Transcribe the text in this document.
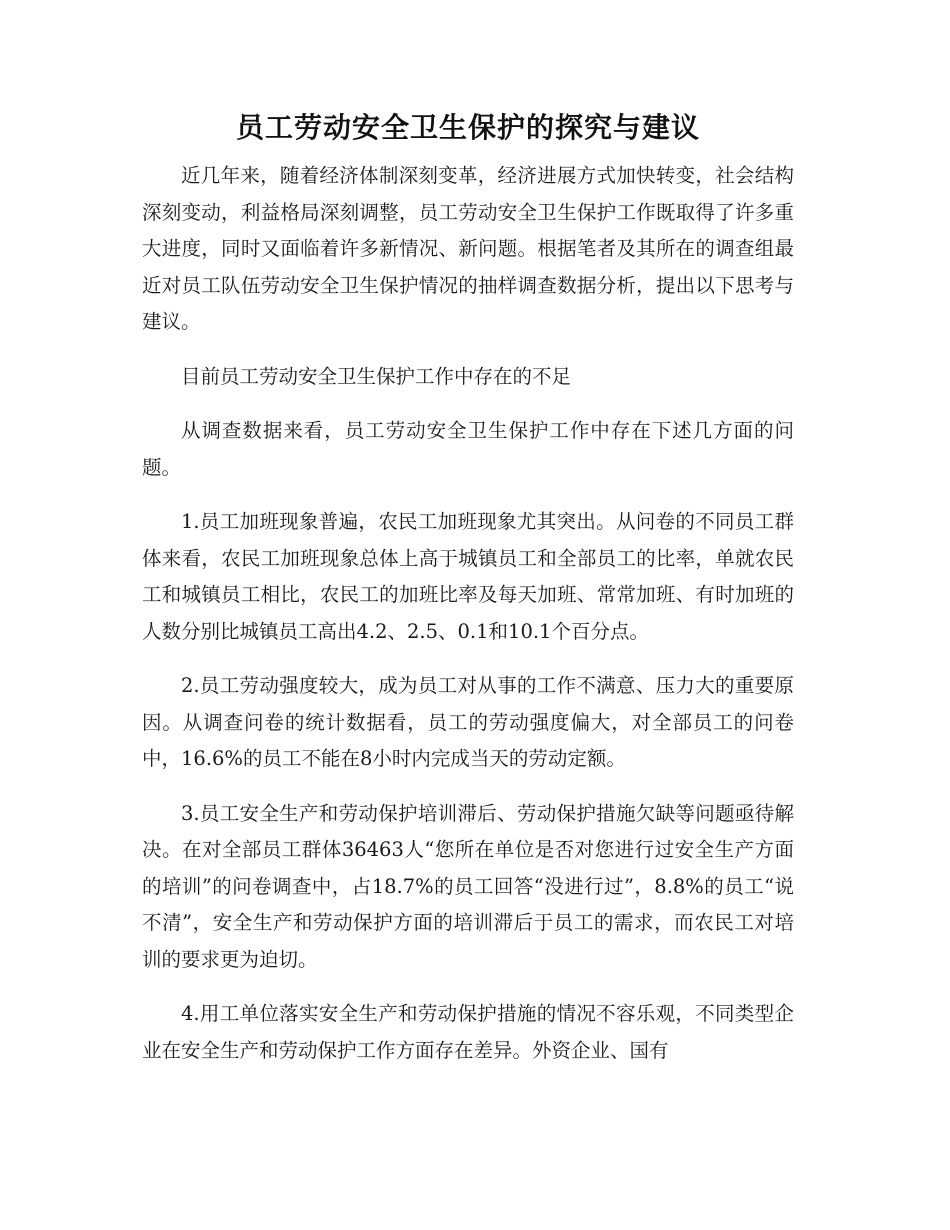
员工劳动安全卫生保护的探究与建议

近几年来，随着经济体制深刻变革，经济进展方式加快转变，社会结构深刻变动，利益格局深刻调整，员工劳动安全卫生保护工作既取得了许多重大进度，同时又面临着许多新情况、新问题。根据笔者及其所在的调查组最近对员工队伍劳动安全卫生保护情况的抽样调查数据分析，提出以下思考与建议。

目前员工劳动安全卫生保护工作中存在的不足

从调查数据来看，员工劳动安全卫生保护工作中存在下述几方面的问题。

1.员工加班现象普遍，农民工加班现象尤其突出。从问卷的不同员工群体来看，农民工加班现象总体上高于城镇员工和全部员工的比率，单就农民工和城镇员工相比，农民工的加班比率及每天加班、常常加班、有时加班的人数分别比城镇员工高出4.2、2.5、0.1和10.1个百分点。

2.员工劳动强度较大，成为员工对从事的工作不满意、压力大的重要原因。从调查问卷的统计数据看，员工的劳动强度偏大，对全部员工的问卷中，16.6%的员工不能在8小时内完成当天的劳动定额。

3.员工安全生产和劳动保护培训滞后、劳动保护措施欠缺等问题亟待解决。在对全部员工群体36463人“您所在单位是否对您进行过安全生产方面的培训”的问卷调查中，占18.7%的员工回答“没进行过”，8.8%的员工“说不清”，安全生产和劳动保护方面的培训滞后于员工的需求，而农民工对培训的要求更为迫切。

4.用工单位落实安全生产和劳动保护措施的情况不容乐观，不同类型企业在安全生产和劳动保护工作方面存在差异。外资企业、国有
